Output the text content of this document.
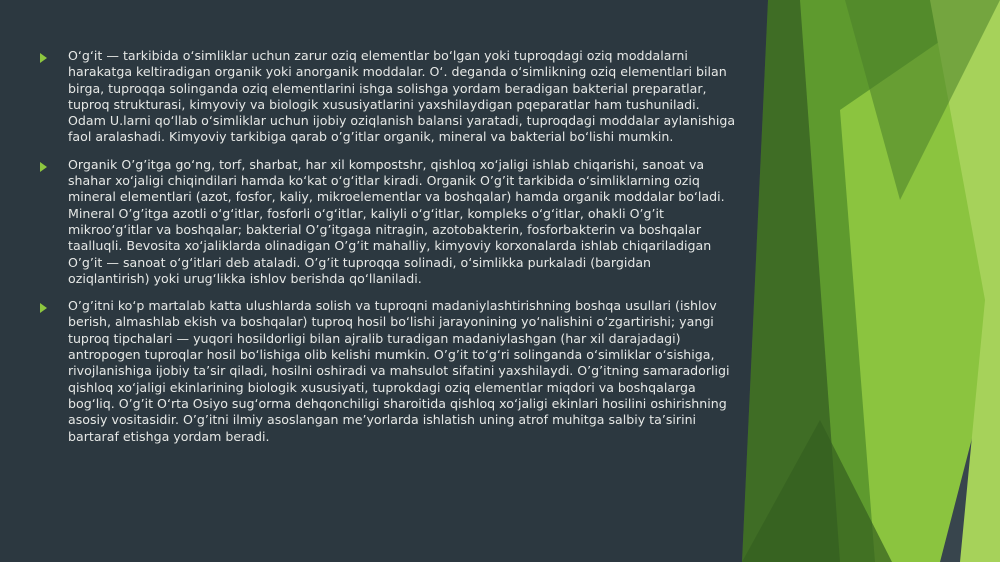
O‘g‘it — tarkibida o‘simliklar uchun zarur oziq elementlar bo‘lgan yoki tuproqdagi oziq moddalarni harakatga keltiradigan organik yoki anorganik moddalar. O‘. deganda o‘simlikning oziq elementlari bilan birga, tuproqqa solinganda oziq elementlarini ishga solishga yordam beradigan bakterial preparatlar, tuproq strukturasi, kimyoviy va biologik xususiyatlarini yaxshilaydigan pqeparatlar ham tushuniladi. Odam U.larni qo‘llab o‘simliklar uchun ijobiy oziqlanish balansi yaratadi, tuproqdagi moddalar aylanishiga faol aralashadi. Kimyoviy tarkibiga qarab o’g’itlar organik, mineral va bakterial bo‘lishi mumkin.
Organik O’g’itga go‘ng, torf, sharbat, har xil kompostshr, qishloq xo‘jaligi ishlab chiqarishi, sanoat va shahar xo‘jaligi chiqindilari hamda ko‘kat o‘g‘itlar kiradi. Organik O’g’it tarkibida o‘simliklarning oziq mineral elementlari (azot, fosfor, kaliy, mikroelementlar va boshqalar) hamda organik moddalar bo‘ladi. Mineral O’g’itga azotli o‘g‘itlar, fosforli o‘g‘itlar, kaliyli o‘g‘itlar, kompleks o‘g‘itlar, ohakli O’g’it mikroo‘g‘itlar va boshqalar; bakterial O’g’itgaga nitragin, azotobakterin, fosforbakterin va boshqalar taalluqli. Bevosita xo‘jaliklarda olinadigan O’g’it mahalliy, kimyoviy korxonalarda ishlab chiqariladigan O’g’it — sanoat o‘g‘itlari deb ataladi. O’g’it tuproqqa solinadi, o‘simlikka purkaladi (bargidan oziqlantirish) yoki urug‘likka ishlov berishda qo‘llaniladi.
O’g’itni ko‘p martalab katta ulushlarda solish va tuproqni madaniylashtirishning boshqa usullari (ishlov berish, almashlab ekish va boshqalar) tuproq hosil bo‘lishi jarayonining yo‘nalishini o‘zgartirishi; yangi tuproq tipchalari — yuqori hosildorligi bilan ajralib turadigan madaniylashgan (har xil darajadagi) antropogen tuproqlar hosil bo‘lishiga olib kelishi mumkin. O’g’it to‘g‘ri solinganda o‘simliklar o‘sishiga, rivojlanishiga ijobiy ta’sir qiladi, hosilni oshiradi va mahsulot sifatini yaxshilaydi. O’g’itning samaradorligi qishloq xo‘jaligi ekinlarining biologik xususiyati, tuprokdagi oziq elementlar miqdori va boshqalarga bog‘liq. O’g’it O‘rta Osiyo sug‘orma dehqonchiligi sharoitida qishloq xo‘jaligi ekinlari hosilini oshirishning asosiy vositasidir. O’g’itni ilmiy asoslangan me’yorlarda ishlatish uning atrof muhitga salbiy ta’sirini bartaraf etishga yordam beradi.
